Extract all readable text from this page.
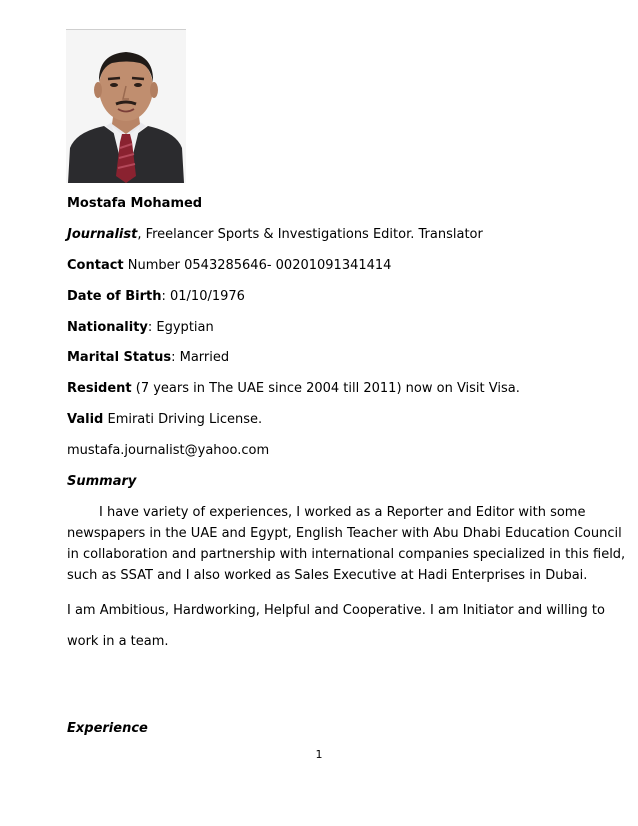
Mostafa Mohamed
Journalist, Freelancer Sports & Investigations Editor. Translator
Contact Number 0543285646- 00201091341414
Date of Birth: 01/10/1976
Nationality: Egyptian
Marital Status: Married
Resident (7 years in The UAE since 2004 till 2011) now on Visit Visa.
Valid Emirati Driving License.
mustafa.journalist@yahoo.com
Summary
I have variety of experiences, I worked as a Reporter and Editor with some
newspapers in the UAE and Egypt, English Teacher with Abu Dhabi Education Council
in collaboration and partnership with international companies specialized in this field,
such as SSAT and I also worked as Sales Executive at Hadi Enterprises in Dubai.
I am Ambitious, Hardworking, Helpful and Cooperative. I am Initiator and willing to
work in a team.
Experience
1
